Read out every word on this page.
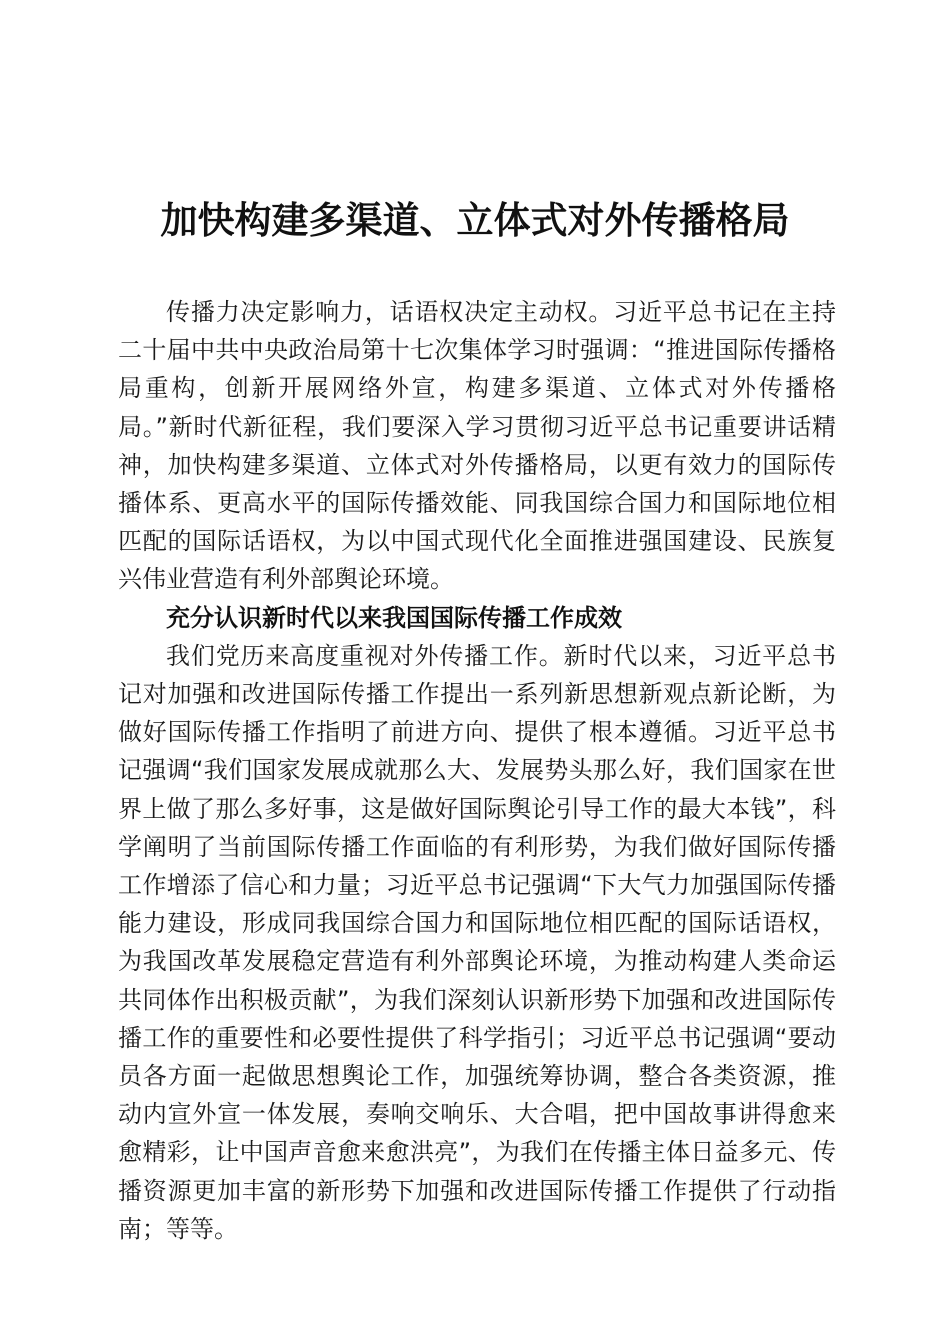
加快构建多渠道、立体式对外传播格局

传播力决定影响力，话语权决定主动权。习近平总书记在主持二十届中共中央政治局第十七次集体学习时强调：“推进国际传播格局重构，创新开展网络外宣，构建多渠道、立体式对外传播格局。”新时代新征程，我们要深入学习贯彻习近平总书记重要讲话精神，加快构建多渠道、立体式对外传播格局，以更有效力的国际传播体系、更高水平的国际传播效能、同我国综合国力和国际地位相匹配的国际话语权，为以中国式现代化全面推进强国建设、民族复兴伟业营造有利外部舆论环境。

充分认识新时代以来我国国际传播工作成效

我们党历来高度重视对外传播工作。新时代以来，习近平总书记对加强和改进国际传播工作提出一系列新思想新观点新论断，为做好国际传播工作指明了前进方向、提供了根本遵循。习近平总书记强调“我们国家发展成就那么大、发展势头那么好，我们国家在世界上做了那么多好事，这是做好国际舆论引导工作的最大本钱”，科学阐明了当前国际传播工作面临的有利形势，为我们做好国际传播工作增添了信心和力量；习近平总书记强调“下大气力加强国际传播能力建设，形成同我国综合国力和国际地位相匹配的国际话语权，为我国改革发展稳定营造有利外部舆论环境，为推动构建人类命运共同体作出积极贡献”，为我们深刻认识新形势下加强和改进国际传播工作的重要性和必要性提供了科学指引；习近平总书记强调“要动员各方面一起做思想舆论工作，加强统筹协调，整合各类资源，推动内宣外宣一体发展，奏响交响乐、大合唱，把中国故事讲得愈来愈精彩，让中国声音愈来愈洪亮”，为我们在传播主体日益多元、传播资源更加丰富的新形势下加强和改进国际传播工作提供了行动指南；等等。
